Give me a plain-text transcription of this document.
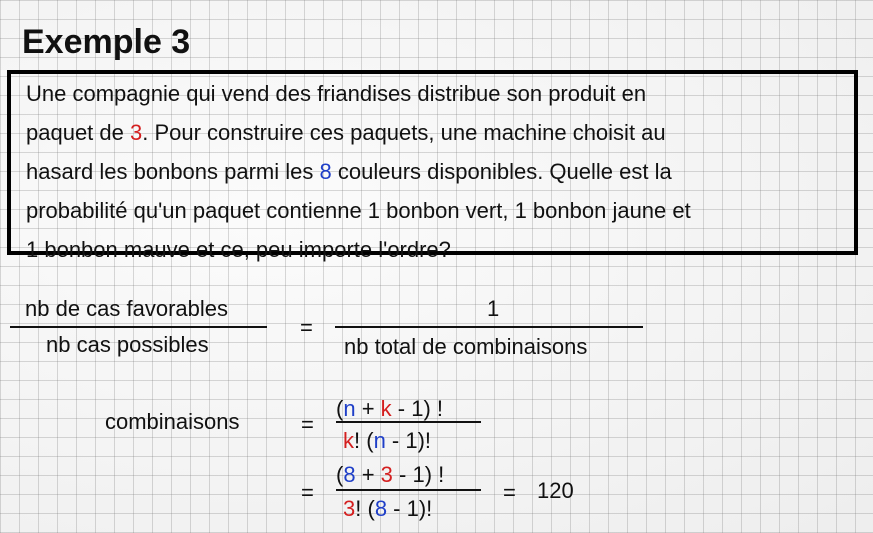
Exemple 3
Une compagnie qui vend des friandises distribue son produit en
paquet de 3. Pour construire ces paquets, une machine choisit au
hasard les bonbons parmi les 8 couleurs disponibles. Quelle est la
probabilité qu'un paquet contienne 1 bonbon vert, 1 bonbon jaune et
1 bonbon mauve et ce, peu importe l'ordre?
nb de cas favorables
nb cas possibles
=
1
nb total de combinaisons
combinaisons	=
(n + k - 1) !
k! (n - 1)!
=
(8 + 3 - 1) !
3! (8 - 1)!
= 120
